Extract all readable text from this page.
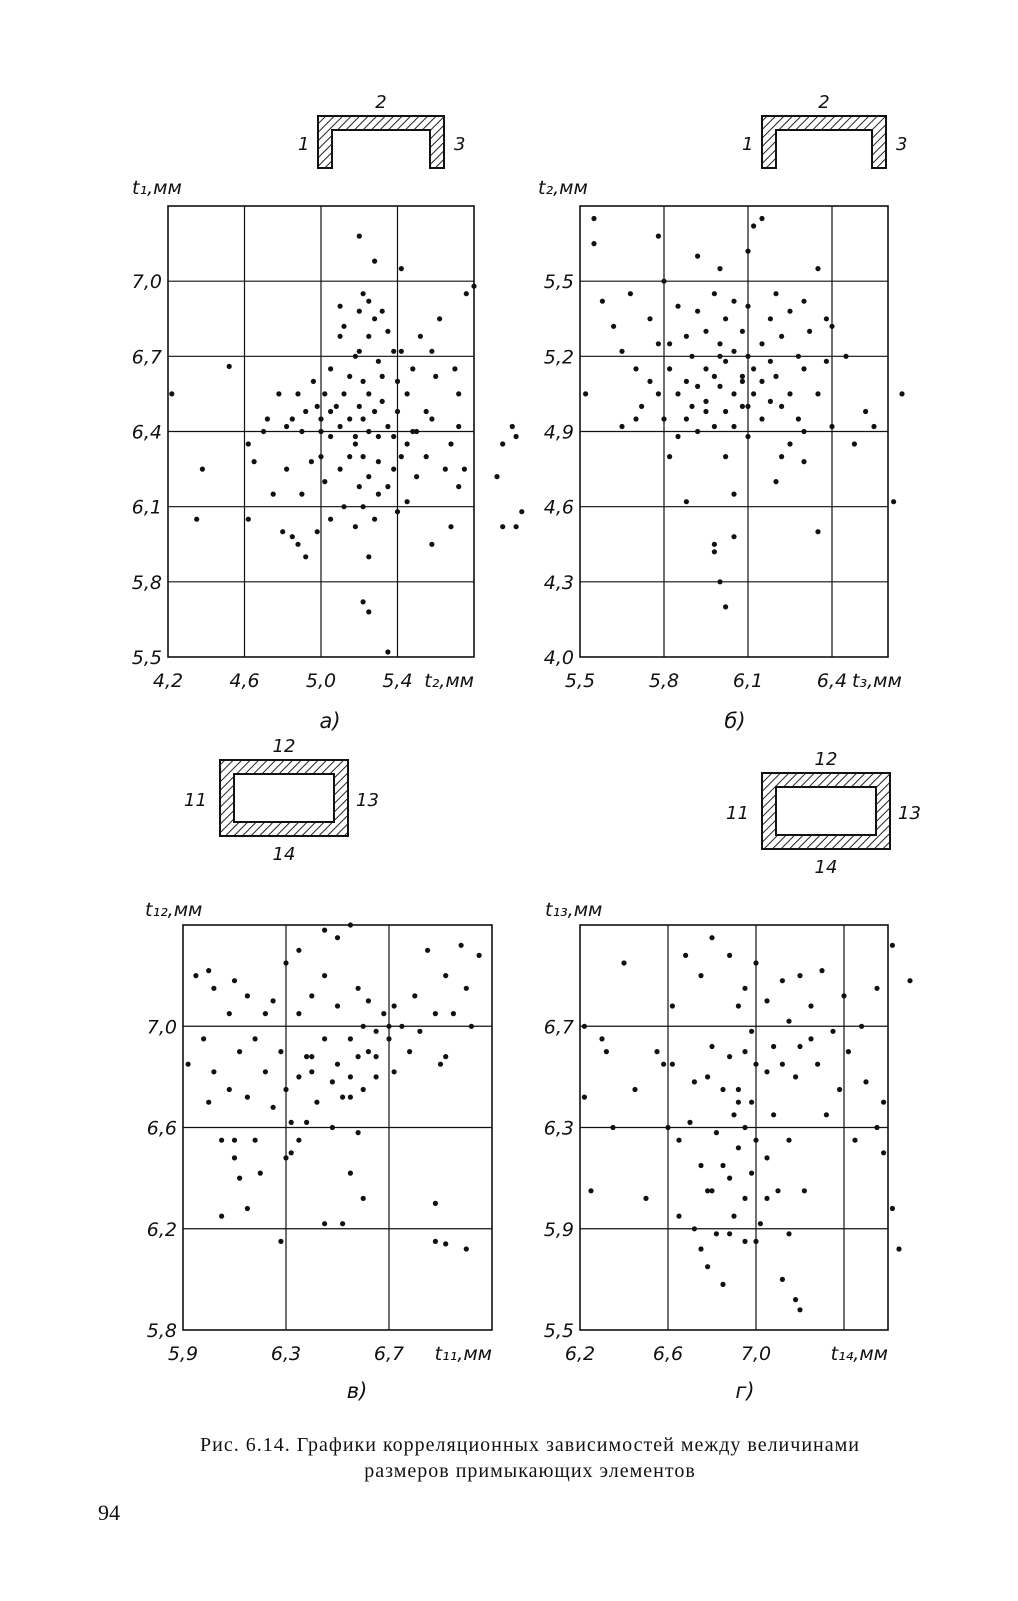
4,2 4,6 5,0 5,4
5,5
5,8
6,1
6,4
6,7
7,0
t₂,мм
t₁,мм
а)
1
2
3
5,5	5,8	6,1	6,4
4,0
4,3
4,6
4,9
5,2
5,5
t₃,мм
t₂,мм
б)
1
2
3
5,9	6,3	6,7
5,8
6,2
6,6
7,0
t₁₁,мм
t₁₂,мм
в)
11
12
13
14
6,2	6,6	7,0
5,5
5,9
6,3
6,7
t₁₄,мм
t₁₃,мм
г)
11
12
13
14
Рис. 6.14. Графики корреляционных зависимостей между величинами
размеров примыкающих элементов
94
